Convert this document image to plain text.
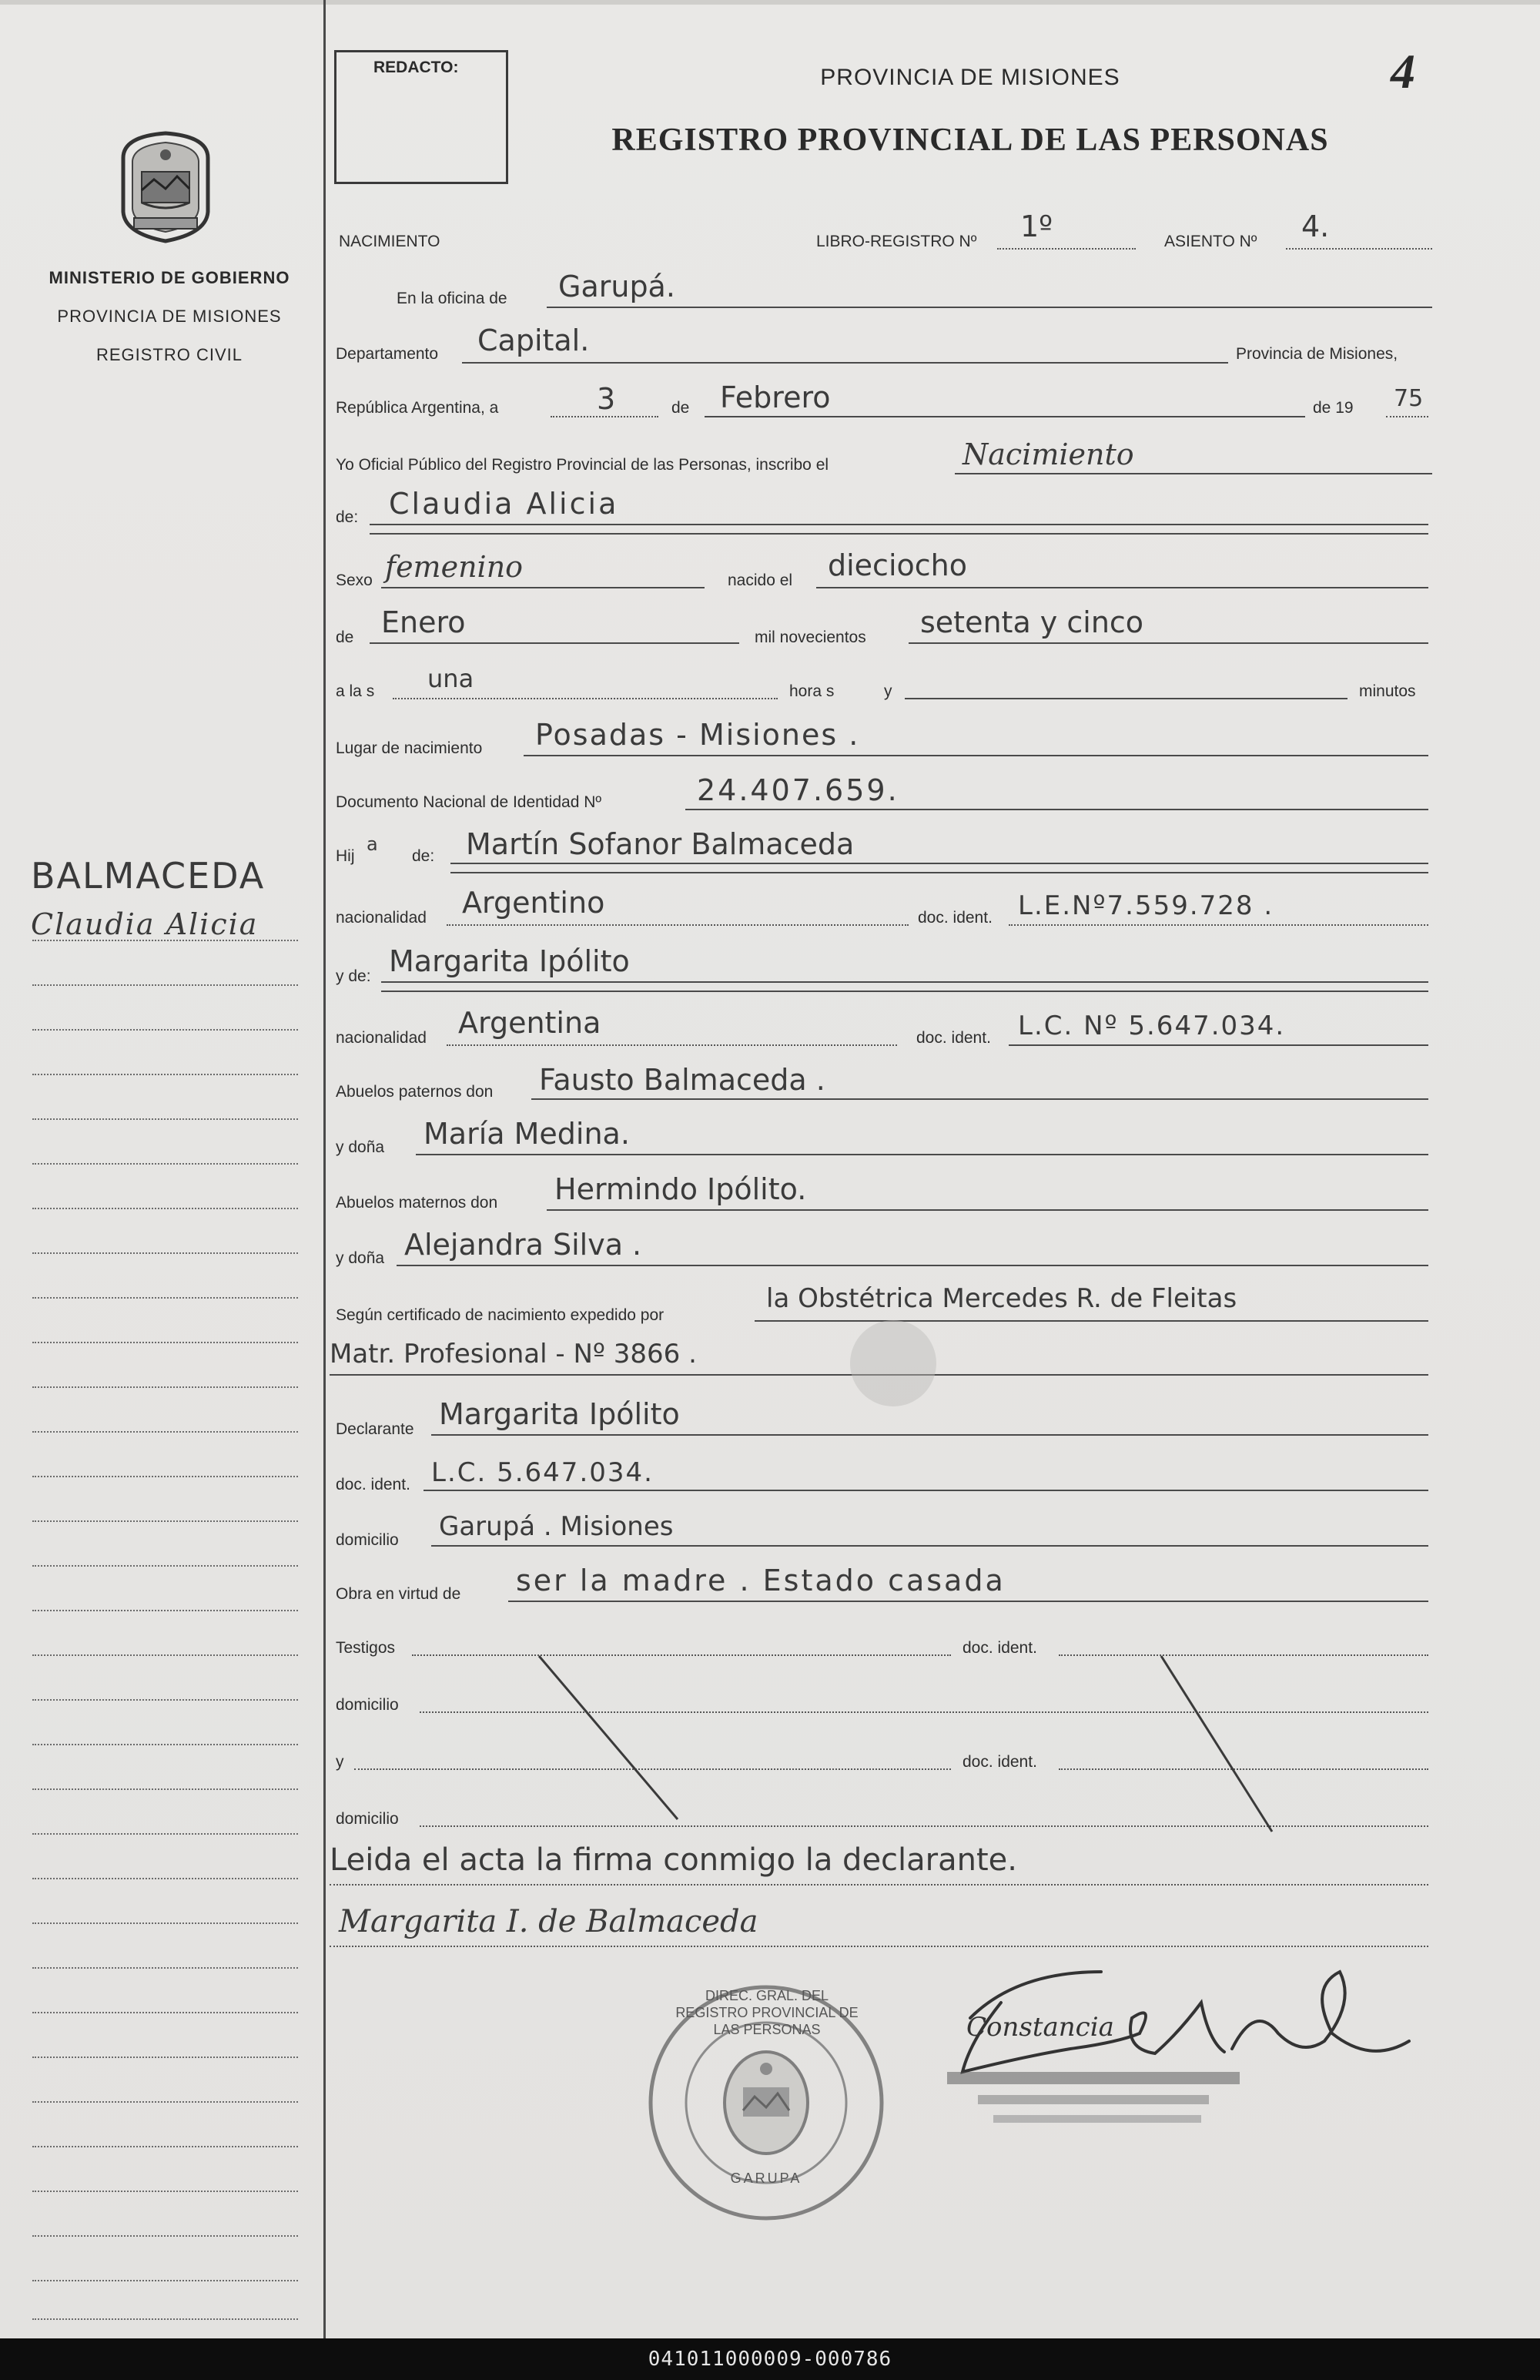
MINISTERIO DE GOBIERNO
PROVINCIA DE MISIONES
REGISTRO CIVIL
BALMACEDA
Claudia Alicia
REDACTO:	PROVINCIA DE MISIONES
REGISTRO PROVINCIAL DE LAS PERSONAS
4
NACIMIENTO	LIBRO-REGISTRO Nº 1º	ASIENTO Nº 4.
En la oficina de Garupá.
Departamento Capital.	Provincia de Misiones,
República Argentina, a	3	de Febrero	de 19 75
Yo Oficial Público del Registro Provincial de las Personas, inscribo el	Nacimiento
de: Claudia Alicia
Sexo femenino	nacido el dieciocho
de Enero	mil novecientos setenta y cinco
a la s una	hora s	y	minutos
Lugar de nacimiento Posadas - Misiones .
Documento Nacional de Identidad Nº	24.407.659.
Hij
a
de: Martín Sofanor Balmaceda
nacionalidad Argentino	doc. ident. L.E.Nº7.559.728 .
y de: Margarita Ipólito
nacionalidad Argentina	doc. ident. L.C. Nº 5.647.034.
Abuelos paternos don Fausto Balmaceda .
y doña María Medina.
Abuelos maternos don Hermindo Ipólito.
y doña Alejandra Silva .
Según certificado de nacimiento expedido por
la Obstétrica Mercedes R. de Fleitas
Matr. Profesional - Nº 3866 .
Declarante Margarita Ipólito
doc. ident. L.C. 5.647.034.
domicilio Garupá . Misiones
Obra en virtud de ser la madre . Estado casada
Testigos	doc. ident.
domicilio
y	doc. ident.
domicilio
Leida el acta la firma conmigo la declarante.
Margarita I. de Balmaceda
DIREC. GRAL. DEL REGISTRO PROVINCIAL DE LAS PERSONAS
GARUPA
Constancia
041011000009-000786
